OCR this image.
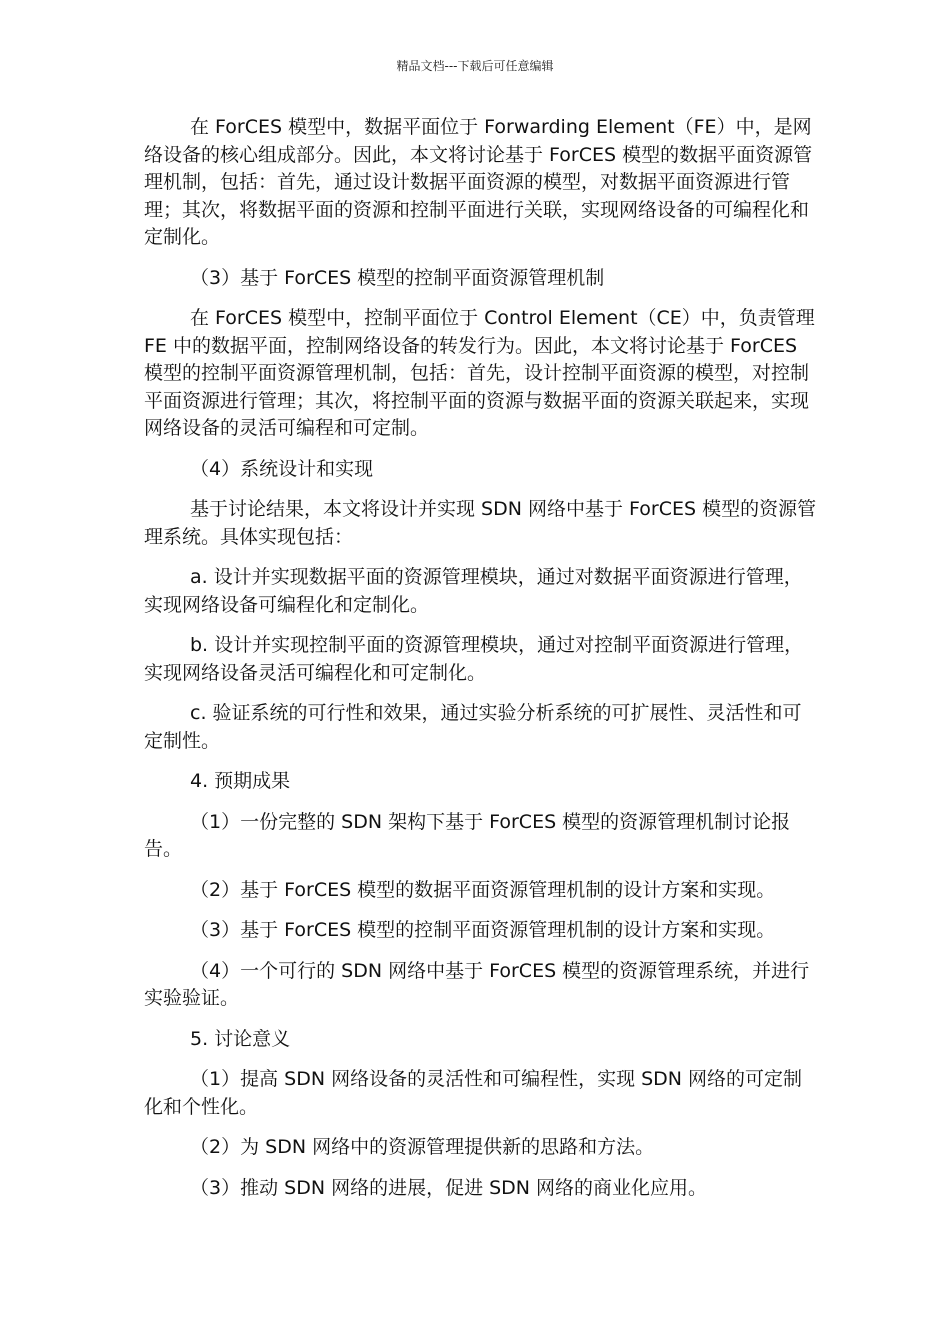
精品文档---下载后可任意编辑

在 ForCES 模型中，数据平面位于 Forwarding Element（FE）中，是网络设备的核心组成部分。因此，本文将讨论基于 ForCES 模型的数据平面资源管理机制，包括：首先，通过设计数据平面资源的模型，对数据平面资源进行管理；其次，将数据平面的资源和控制平面进行关联，实现网络设备的可编程化和定制化。

（3）基于 ForCES 模型的控制平面资源管理机制

在 ForCES 模型中，控制平面位于 Control Element（CE）中，负责管理 FE 中的数据平面，控制网络设备的转发行为。因此，本文将讨论基于 ForCES 模型的控制平面资源管理机制，包括：首先，设计控制平面资源的模型，对控制平面资源进行管理；其次，将控制平面的资源与数据平面的资源关联起来，实现网络设备的灵活可编程和可定制。

（4）系统设计和实现

基于讨论结果，本文将设计并实现 SDN 网络中基于 ForCES 模型的资源管理系统。具体实现包括：

a. 设计并实现数据平面的资源管理模块，通过对数据平面资源进行管理，实现网络设备可编程化和定制化。

b. 设计并实现控制平面的资源管理模块，通过对控制平面资源进行管理，实现网络设备灵活可编程化和可定制化。

c. 验证系统的可行性和效果，通过实验分析系统的可扩展性、灵活性和可定制性。

4. 预期成果

（1）一份完整的 SDN 架构下基于 ForCES 模型的资源管理机制讨论报告。

（2）基于 ForCES 模型的数据平面资源管理机制的设计方案和实现。

（3）基于 ForCES 模型的控制平面资源管理机制的设计方案和实现。

（4）一个可行的 SDN 网络中基于 ForCES 模型的资源管理系统，并进行实验验证。

5. 讨论意义

（1）提高 SDN 网络设备的灵活性和可编程性，实现 SDN 网络的可定制化和个性化。

（2）为 SDN 网络中的资源管理提供新的思路和方法。

（3）推动 SDN 网络的进展，促进 SDN 网络的商业化应用。
